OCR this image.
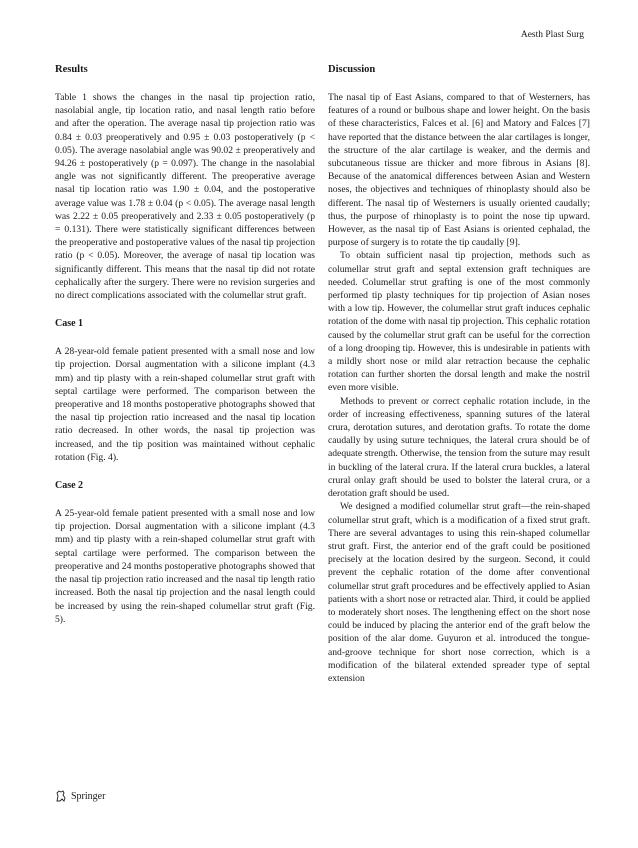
Aesth Plast Surg
Results

Table 1 shows the changes in the nasal tip projection ratio, nasolabial angle, tip location ratio, and nasal length ratio before and after the operation. The average nasal tip projection ratio was 0.84 ± 0.03 preoperatively and 0.95 ± 0.03 postoperatively (p < 0.05). The average nasolabial angle was 90.02 ± preoperatively and 94.26 ± postoperatively (p = 0.097). The change in the nasolabial angle was not significantly different. The preoperative average nasal tip location ratio was 1.90 ± 0.04, and the postoperative average value was 1.78 ± 0.04 (p < 0.05). The average nasal length was 2.22 ± 0.05 preoperatively and 2.33 ± 0.05 postoperatively (p = 0.131). There were statistically significant differences between the preoperative and postoperative values of the nasal tip projection ratio (p < 0.05). Moreover, the average of nasal tip location was significantly different. This means that the nasal tip did not rotate cephalically after the surgery. There were no revision surgeries and no direct complications associated with the columellar strut graft.

Case 1

A 28-year-old female patient presented with a small nose and low tip projection. Dorsal augmentation with a silicone implant (4.3 mm) and tip plasty with a rein-shaped columellar strut graft with septal cartilage were performed. The comparison between the preoperative and 18 months postoperative photographs showed that the nasal tip projection ratio increased and the nasal tip location ratio decreased. In other words, the nasal tip projection was increased, and the tip position was maintained without cephalic rotation (Fig. 4).

Case 2

A 25-year-old female patient presented with a small nose and low tip projection. Dorsal augmentation with a silicone implant (4.3 mm) and tip plasty with a rein-shaped columellar strut graft with septal cartilage were performed. The comparison between the preoperative and 24 months postoperative photographs showed that the nasal tip projection ratio increased and the nasal tip length ratio increased. Both the nasal tip projection and the nasal length could be increased by using the rein-shaped columellar strut graft (Fig. 5).

Discussion

The nasal tip of East Asians, compared to that of Westerners, has features of a round or bulbous shape and lower height. On the basis of these characteristics, Falces et al. [6] and Matory and Falces [7] have reported that the distance between the alar cartilages is longer, the structure of the alar cartilage is weaker, and the dermis and subcutaneous tissue are thicker and more fibrous in Asians [8]. Because of the anatomical differences between Asian and Western noses, the objectives and techniques of rhinoplasty should also be different. The nasal tip of Westerners is usually oriented caudally; thus, the purpose of rhinoplasty is to point the nose tip upward. However, as the nasal tip of East Asians is oriented cephalad, the purpose of surgery is to rotate the tip caudally [9].

To obtain sufficient nasal tip projection, methods such as columellar strut graft and septal extension graft techniques are needed. Columellar strut grafting is one of the most commonly performed tip plasty techniques for tip projection of Asian noses with a low tip. However, the columellar strut graft induces cephalic rotation of the dome with nasal tip projection. This cephalic rotation caused by the columellar strut graft can be useful for the correction of a long drooping tip. However, this is undesirable in patients with a mildly short nose or mild alar retraction because the cephalic rotation can further shorten the dorsal length and make the nostril even more visible.

Methods to prevent or correct cephalic rotation include, in the order of increasing effectiveness, spanning sutures of the lateral crura, derotation sutures, and derotation grafts. To rotate the dome caudally by using suture techniques, the lateral crura should be of adequate strength. Otherwise, the tension from the suture may result in buckling of the lateral crura. If the lateral crura buckles, a lateral crural onlay graft should be used to bolster the lateral crura, or a derotation graft should be used.

We designed a modified columellar strut graft—the rein-shaped columellar strut graft, which is a modification of a fixed strut graft. There are several advantages to using this rein-shaped columellar strut graft. First, the anterior end of the graft could be positioned precisely at the location desired by the surgeon. Second, it could prevent the cephalic rotation of the dome after conventional columellar strut graft procedures and be effectively applied to Asian patients with a short nose or retracted alar. Third, it could be applied to moderately short noses. The lengthening effect on the short nose could be induced by placing the anterior end of the graft below the position of the alar dome. Guyuron et al. introduced the tongue-and-groove technique for short nose correction, which is a modification of the bilateral extended spreader type of septal extension

Springer
